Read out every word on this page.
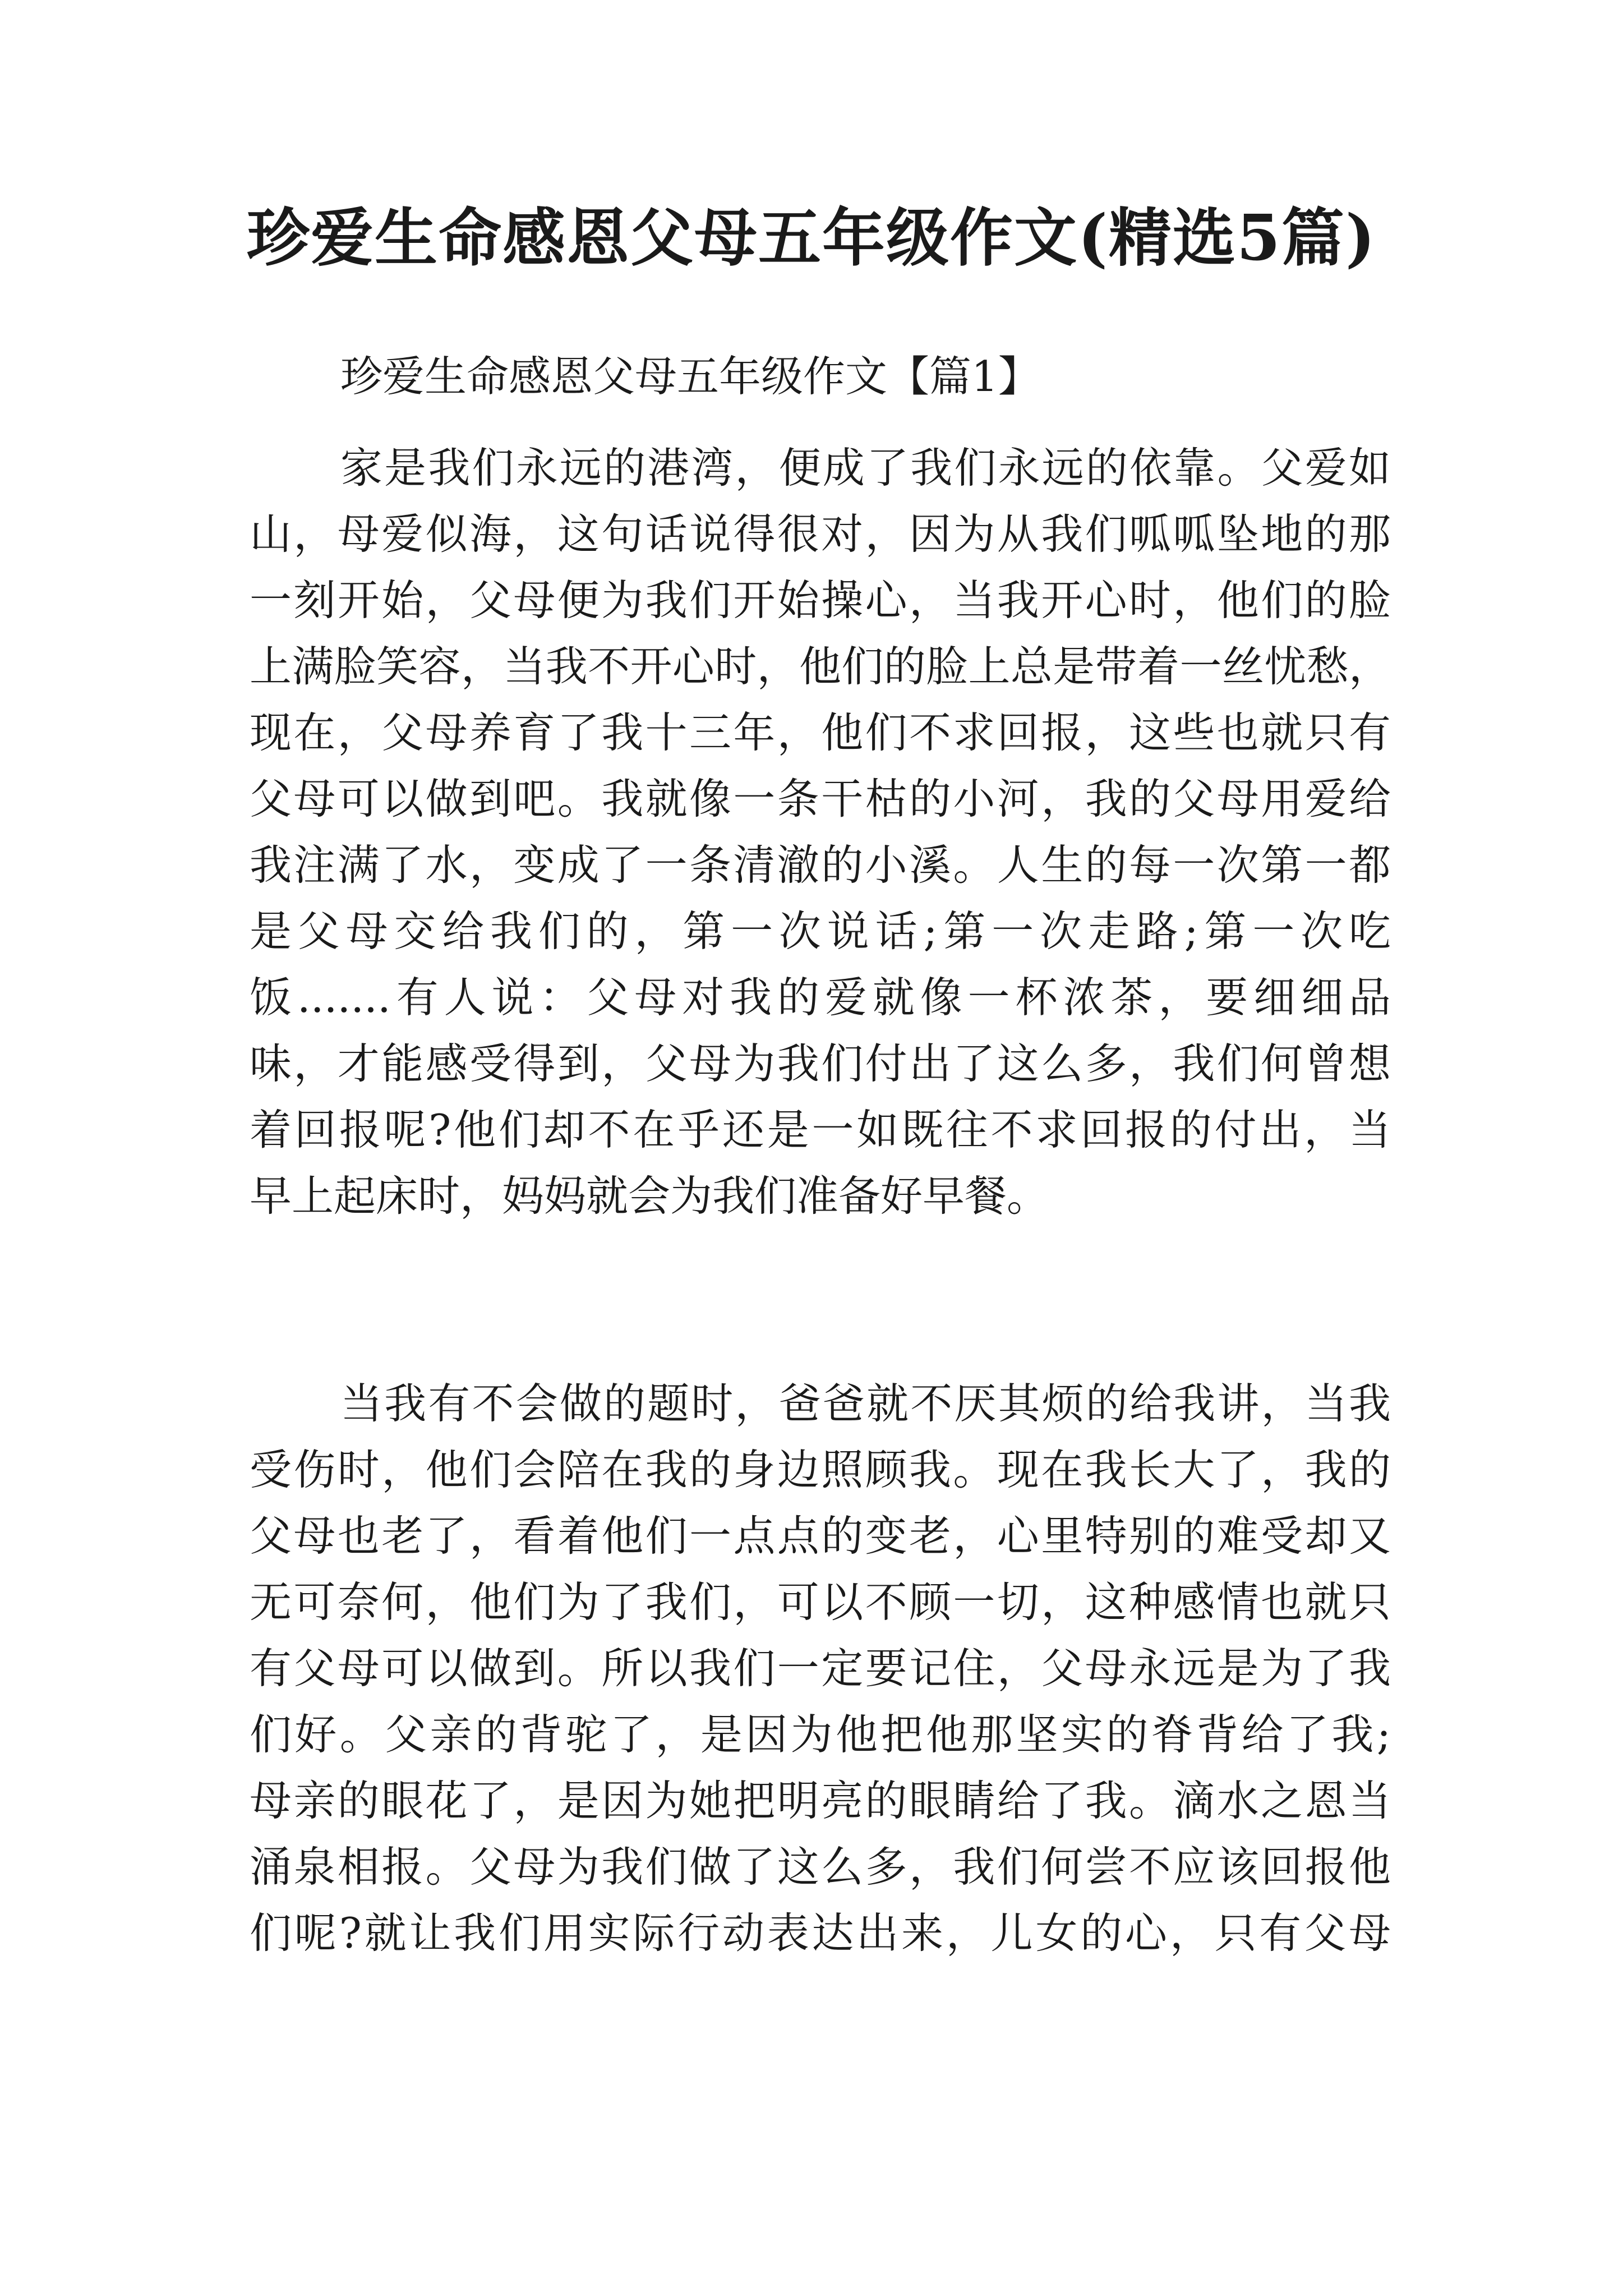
珍爱生命感恩父母五年级作文(精选5篇)
珍爱生命感恩父母五年级作文【篇1】
家是我们永远的港湾，便成了我们永远的依靠。父爱如
山，母爱似海，这句话说得很对，因为从我们呱呱坠地的那
一刻开始，父母便为我们开始操心，当我开心时，他们的脸
上满脸笑容，当我不开心时，他们的脸上总是带着一丝忧愁，
现在，父母养育了我十三年，他们不求回报，这些也就只有
父母可以做到吧。我就像一条干枯的小河，我的父母用爱给
我注满了水，变成了一条清澈的小溪。人生的每一次第一都
是父母交给我们的，第一次说话;第一次走路;第一次吃
饭.......有人说：父母对我的爱就像一杯浓茶，要细细品
味，才能感受得到，父母为我们付出了这么多，我们何曾想
着回报呢?他们却不在乎还是一如既往不求回报的付出，当
早上起床时，妈妈就会为我们准备好早餐。
当我有不会做的题时，爸爸就不厌其烦的给我讲，当我
受伤时，他们会陪在我的身边照顾我。现在我长大了，我的
父母也老了，看着他们一点点的变老，心里特别的难受却又
无可奈何，他们为了我们，可以不顾一切，这种感情也就只
有父母可以做到。所以我们一定要记住，父母永远是为了我
们好。父亲的背驼了，是因为他把他那坚实的脊背给了我;
母亲的眼花了，是因为她把明亮的眼睛给了我。滴水之恩当
涌泉相报。父母为我们做了这么多，我们何尝不应该回报他
们呢?就让我们用实际行动表达出来，儿女的心，只有父母
